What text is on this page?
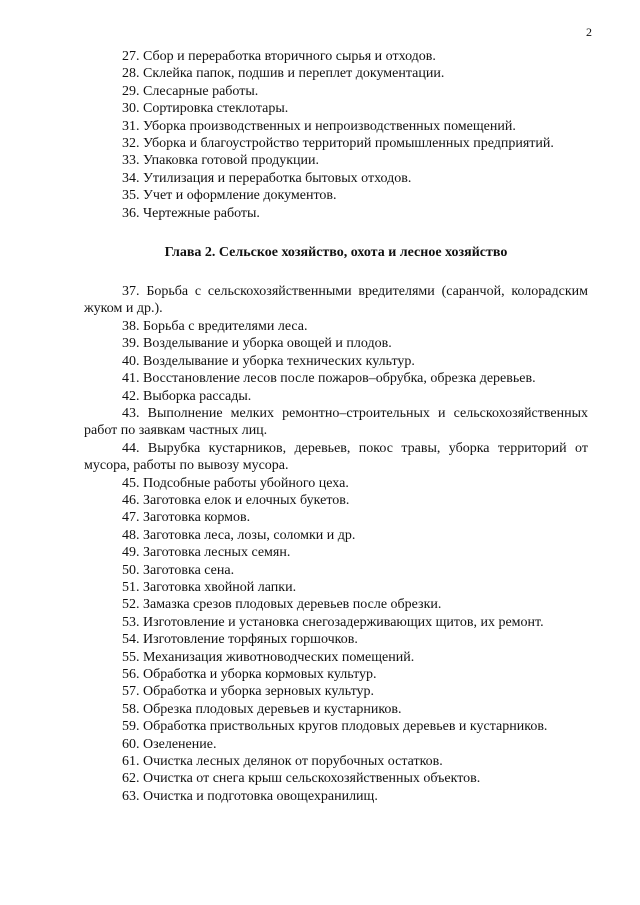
2

27. Сбор и переработка вторичного сырья и отходов.

28. Склейка папок, подшив и переплет документации.

29. Слесарные работы.

30. Сортировка стеклотары.

31. Уборка производственных и непроизводственных помещений.

32. Уборка и благоустройство территорий промышленных предприятий.

33. Упаковка готовой продукции.

34. Утилизация и переработка бытовых отходов.

35. Учет и оформление документов.

36. Чертежные работы.

Глава 2. Сельское хозяйство, охота и лесное хозяйство

37. Борьба с сельскохозяйственными вредителями (саранчой, колорадским жуком и др.).

38. Борьба с вредителями леса.

39. Возделывание и уборка овощей и плодов.

40. Возделывание и уборка технических культур.

41. Восстановление лесов после пожаров–обрубка, обрезка деревьев.

42. Выборка рассады.

43. Выполнение мелких ремонтно–строительных и сельскохозяйственных работ по заявкам частных лиц.

44. Вырубка кустарников, деревьев, покос травы, уборка территорий от мусора, работы по вывозу мусора.

45. Подсобные работы убойного цеха.

46. Заготовка елок и елочных букетов.

47. Заготовка кормов.

48. Заготовка леса, лозы, соломки и др.

49. Заготовка лесных семян.

50. Заготовка сена.

51. Заготовка хвойной лапки.

52. Замазка срезов плодовых деревьев после обрезки.

53. Изготовление и установка снегозадерживающих щитов, их ремонт.

54. Изготовление торфяных горшочков.

55. Механизация животноводческих помещений.

56. Обработка и уборка кормовых культур.

57. Обработка и уборка зерновых культур.

58. Обрезка плодовых деревьев и кустарников.

59. Обработка приствольных кругов плодовых деревьев и кустарников.

60. Озеленение.

61. Очистка лесных делянок от порубочных остатков.

62. Очистка от снега крыш сельскохозяйственных объектов.

63. Очистка и подготовка овощехранилищ.
